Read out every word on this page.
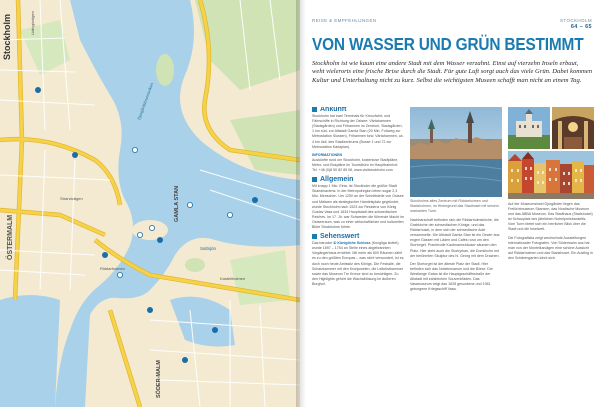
Stockholm
ÖSTERMALM
GAMLA STAN
SÖDER-MALM
Djurgårdsbrunnsviken
Lidingövägen
Strandvägen
Riddarholmen
Saltsjön
Kastellholmen
REISE & EMPFEHLUNGEN	STOCKHOLM
64 – 65
VON WASSER UND GRÜN BESTIMMT
Stockholm ist wie kaum eine andere Stadt mit dem Wasser verzahnt. Einst auf vierzehn Inseln erbaut, weht vielerorts eine frische Brise durch die Stadt. Für gute Luft sorgt auch das viele Grün. Dabei kommen Kultur und Unterhaltung nicht zu kurz. Selbst die wichtigsten Museen schafft man nicht an einem Tag.
Ankunft
Stockholm hat zwei Terminals für Kreuzfahrt- und Fährschiffe in Richtung der Ostsee: Värtahamnen (Stadsgården) und Frihamnen im Zentrum, Stadsgården, 1 km süd- zur Altstadt Gamla Stan (20 Min. Fußweg zur Metrostation Slussen). Frihamnen bzw. Värtahamnen, ca. 4 km östl. des Stadtzentrums (Busse 1 und 72 zur Metrostation Karlaplan).
INFORMATIONEN
Auskünfte rund um Stockholm, kostenlose Stadtpläne, Metro- und Buspläne im Touristbüro im Hauptbahnhof. Tel. +46 (0)8 50 82 85 08, www.visitstockholm.com
Allgemein
Mit knapp 1 Mio. Einw. ist Stockholm die größte Stadt Skandinaviens. In der Metropolregion leben sogar 2,3 Mio. Menschen. Um 1250 an der Schnittstelle von Ostsee und Mälaren als strategischer Handelsplatz gegründet, wurde Stockholm nach 1523 zur Residenz von König Gustav Vasa und 1634 Hauptstadt des schwedischen Reiches. Im 17. Jh. war Schweden die führende Macht im Ostseeraum, was zu einer wirtschaftlichen und kulturellen Blüte Stockholms führte.
Sehenswert
Das barocke ① Königliche Schloss (Kungliga slottet) wurde 1697 – 1754 an Stelle eines abgebrannten Vorgängerbaus errichtet. Mit mehr als 600 Räumen zählt es zu den größten Europas – was nicht verwundert, ist es doch noch heute Amtssitz des Königs. Die Festsäle, die Schatzkammer mit den Kronjuwelen, die Leibrüstkammer sowie das Museum Tre Kronor sind zu besichtigen. Zu den Highlights gehört die Wachablösung im äußeren Burghof.
Stockholms altes Zentrum mit Riddarholmen und Stadsholmen, im Hintergrund das Stadhuset mit seinem markanten Turm.
Nachbarschaft befinden sich die Riddarholmskirche, die Grabkirche der schwedischen Könige, und das Riddarhuset, in dem sich der schwedische Adel versammelte. Die Altstadt Gamla Stan ist ein Gewirr aus engen Gassen mit Läden und Cafés rund um den Stortorget. Prachtvolle Kaufmannshäuser säumen den Platz. Hier steht auch die Storkyrkan, die Domkirche mit der berühmten Skulptur des hl. Georg mit dem Drachen.
Der Stortorget ist der älteste Platz der Stadt. Hier befinden sich das Nobelmuseum und die Börse. Die Westlange Gatan ist die Hauptgeschäftsstraße der Altstadt mit zahlreichen Souvenirläden. Das Vasamuseum zeigt das 1628 gesunkene und 1961 geborgene Kriegsschiff Vasa.
Auf der Museumsinsel Djurgården liegen das Freilichtmuseum Skansen, das Nordische Museum und das ABBA Museum. Das Stadthaus (Stadshuset) ist Schauplatz des jährlichen Nobelpreisbanketts. Vom Turm bietet sich ein herrlicher Blick über die Stadt und die Inselwelt.
Die Fotografiska zeigt wechselnde Ausstellungen internationaler Fotografen. Von Södermalm aus hat man von der Monteliusvägen eine schöne Aussicht auf Riddarholmen und das Stadshuset. Ein Ausflug in den Schärengarten lohnt sich.
